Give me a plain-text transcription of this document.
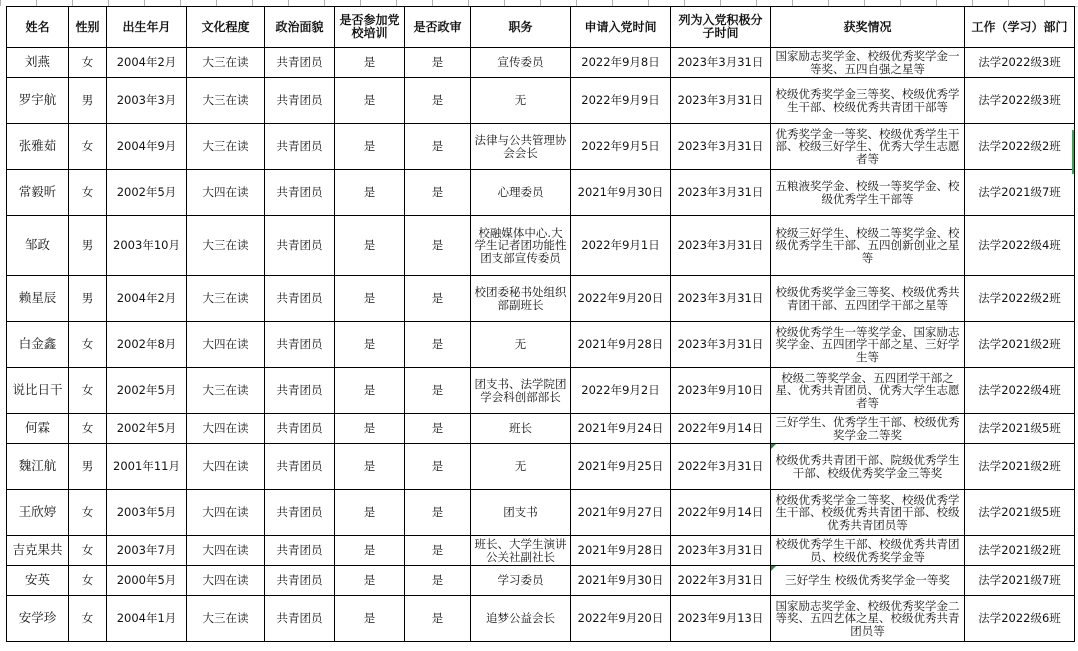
姓名	性别	出生年月	文化程度	政治面貌	是否参加党校培训	是否政审	职务	申请入党时间	列为入党积极分子时间	获奖情况	工作（学习）部门
刘燕	女	2004年2月	大三在读	共青团员	是	是	宣传委员	2022年9月8日	2023年3月31日	国家励志奖学金、校级优秀奖学金一等奖、五四自强之星等	法学2022级3班
罗宇航	男	2003年3月	大三在读	共青团员	是	是	无	2022年9月9日	2023年3月31日	校级优秀奖学金三等奖、校级优秀学生干部、校级优秀共青团干部等	法学2022级3班
张雅茹	女	2004年9月	大三在读	共青团员	是	是	法律与公共管理协会会长	2022年9月5日	2023年3月31日	优秀奖学金一等奖、校级优秀学生干部、校级三好学生、优秀大学生志愿者等	法学2022级2班
常毅昕	女	2002年5月	大四在读	共青团员	是	是	心理委员	2021年9月30日	2023年3月31日	五粮液奖学金、校级一等奖学金、校级优秀学生干部等	法学2021级7班
邹政	男	2003年10月	大三在读	共青团员	是	是	校融媒体中心.大学生记者团功能性团支部宣传委员	2022年9月1日	2023年3月31日	校级三好学生、校级二等奖学金、校级优秀学生干部、五四创新创业之星等	法学2022级4班
赖星辰	男	2004年2月	大三在读	共青团员	是	是	校团委秘书处组织部副班长	2022年9月20日	2023年3月31日	校级优秀奖学金三等奖、校级优秀共青团干部、五四团学干部之星等	法学2022级2班
白金鑫	女	2002年8月	大四在读	共青团员	是	是	无	2021年9月28日	2023年3月31日	校级优秀学生一等奖学金、国家励志奖学金、五四团学干部之星、三好学生等	法学2021级2班
说比日干	女	2002年5月	大三在读	共青团员	是	是	团支书、法学院团学会科创部部长	2022年9月2日	2023年9月10日	校级二等奖学金、五四团学干部之星、优秀共青团员、优秀大学生志愿者等	法学2022级4班
何霖	女	2002年5月	大四在读	共青团员	是	是	班长	2021年9月24日	2022年9月14日	三好学生、优秀学生干部、校级优秀奖学金二等奖	法学2021级5班
魏江航	男	2001年11月	大四在读	共青团员	是	是	无	2021年9月25日	2022年3月31日	校级优秀共青团干部、院级优秀学生干部、校级优秀奖学金三等奖	法学2021级2班
王欣婷	女	2003年5月	大四在读	共青团员	是	是	团支书	2021年9月27日	2022年9月14日	校级优秀奖学金二等奖、校级优秀学生干部、校级优秀共青团干部、校级优秀共青团员等	法学2021级5班
吉克果共	女	2003年7月	大四在读	共青团员	是	是	班长、大学生演讲公关社副社长	2021年9月28日	2023年3月31日	校级优秀学生干部、校级优秀共青团员、校级优秀奖学金等	法学2021级2班
安英	女	2000年5月	大四在读	共青团员	是	是	学习委员	2021年9月30日	2022年3月31日	三好学生 校级优秀奖学金一等奖	法学2021级7班
安学珍	女	2004年1月	大三在读	共青团员	是	是	追梦公益会长	2022年9月20日	2023年9月13日	国家励志奖学金、校级优秀奖学金二等奖、五四艺体之星、校级优秀共青团员等	法学2022级6班
